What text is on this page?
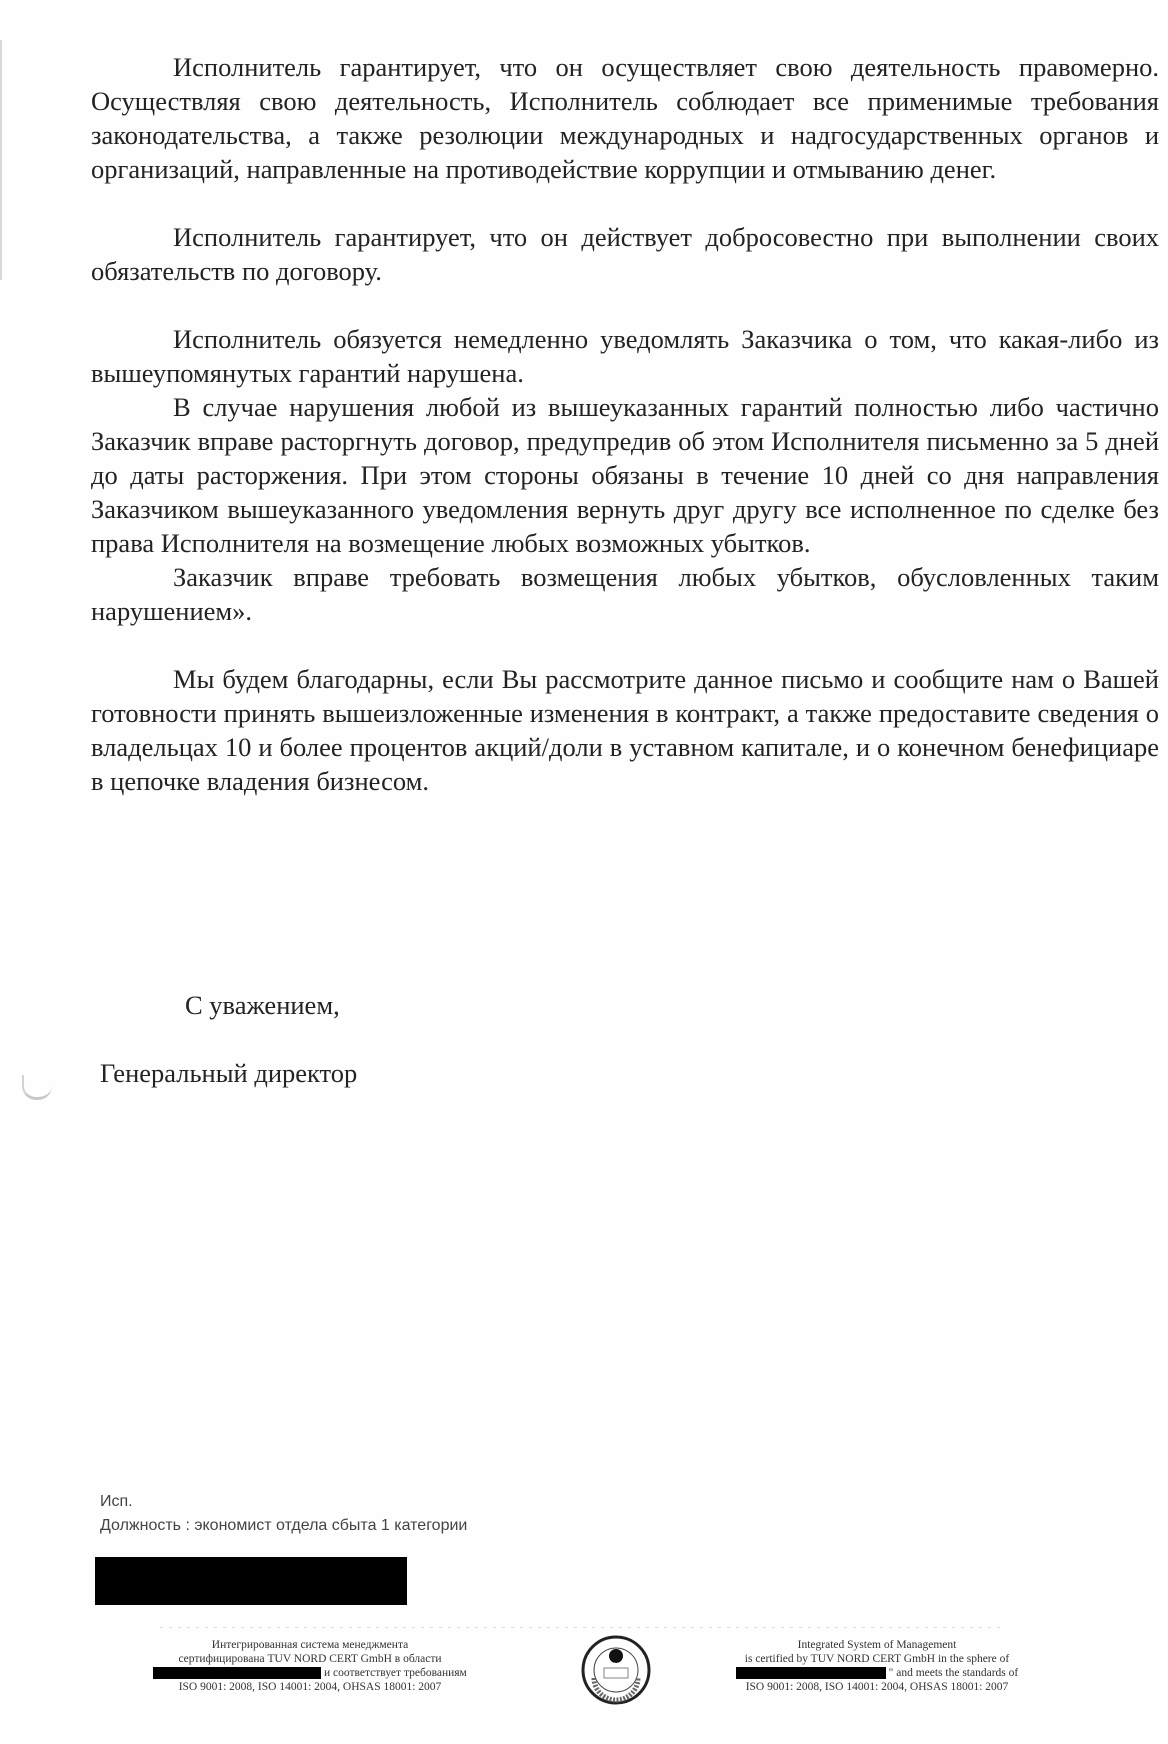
Исполнитель гарантирует, что он осуществляет свою деятельность правомерно. Осуществляя свою деятельность, Исполнитель соблюдает все применимые требования законодательства, а также резолюции международных и надгосударственных органов и организаций, направленные на противодействие коррупции и отмыванию денег.

Исполнитель гарантирует, что он действует добросовестно при выполнении своих обязательств по договору.

Исполнитель обязуется немедленно уведомлять Заказчика о том, что какая-либо из вышеупомянутых гарантий нарушена.

В случае нарушения любой из вышеуказанных гарантий полностью либо частично Заказчик вправе расторгнуть договор, предупредив об этом Исполнителя письменно за 5 дней до даты расторжения. При этом стороны обязаны в течение 10 дней со дня направления Заказчиком вышеуказанного уведомления вернуть друг другу все исполненное по сделке без права Исполнителя на возмещение любых возможных убытков.

Заказчик вправе требовать возмещения любых убытков, обусловленных таким нарушением».

Мы будем благодарны, если Вы рассмотрите данное письмо и сообщите нам о Вашей готовности принять вышеизложенные изменения в контракт, а также предоставите сведения о владельцах 10 и более процентов акций/доли в уставном капитале, и о конечном бенефициаре в цепочке владения бизнесом.

С уважением,

Генеральный директор

Исп.

Должность : экономист отдела сбыта 1 категории

Интегрированная система менеджмента

сертифицирована TUV NORD CERT GmbH в области

и соответствует требованиям

ISO 9001: 2008, ISO 14001: 2004, OHSAS 18001: 2007

TÜV NORD

Integrated System of Management

is certified by TUV NORD CERT GmbH in the sphere of

" and meets the standards of

ISO 9001: 2008, ISO 14001: 2004, OHSAS 18001: 2007
